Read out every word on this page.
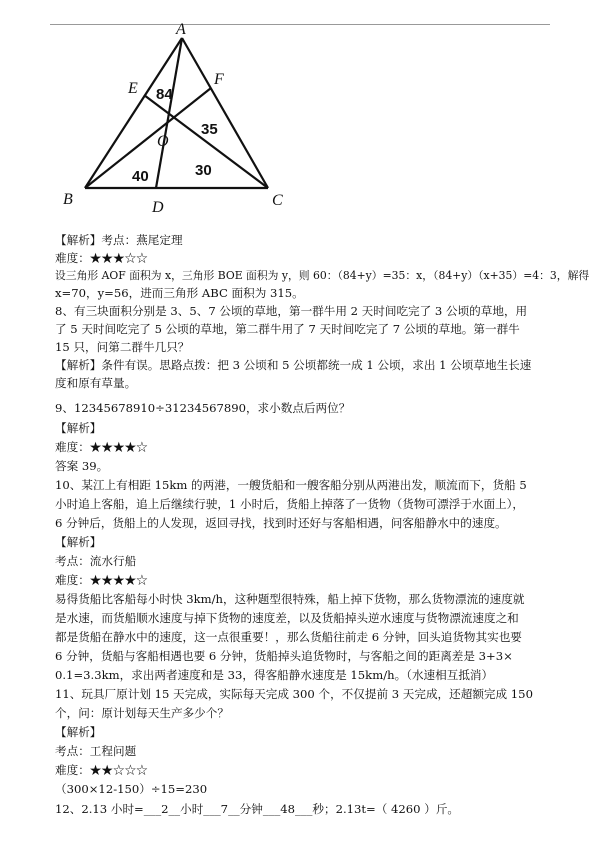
A
B	C
D
E
F
O
84
35
40	30
【解析】考点：燕尾定理
难度：★★★☆☆
设三角形 AOF 面积为 x，三角形 BOE 面积为 y，则 60：（84+y）=35：x，（84+y）（x+35）=4：3，解得
x=70，y=56，进而三角形 ABC 面积为 315。
8、有三块面积分别是 3、5、7 公顷的草地，第一群牛用 2 天时间吃完了 3 公顷的草地，用
了 5 天时间吃完了 5 公顷的草地，第二群牛用了 7 天时间吃完了 7 公顷的草地。第一群牛
15 只，问第二群牛几只？
【解析】条件有误。思路点拨：把 3 公顷和 5 公顷都统一成 1 公顷，求出 1 公顷草地生长速
度和原有草量。
9、12345678910÷31234567890，求小数点后两位？
【解析】
难度：★★★★☆
答案 39。
10、某江上有相距 15km 的两港，一艘货船和一艘客船分别从两港出发，顺流而下，货船 5
小时追上客船，追上后继续行驶，1 小时后，货船上掉落了一货物（货物可漂浮于水面上），
6 分钟后，货船上的人发现，返回寻找，找到时还好与客船相遇，问客船静水中的速度。
【解析】
考点：流水行船
难度：★★★★☆
易得货船比客船每小时快 3km/h，这种题型很特殊，船上掉下货物，那么货物漂流的速度就
是水速，而货船顺水速度与掉下货物的速度差，以及货船掉头逆水速度与货物漂流速度之和
都是货船在静水中的速度，这一点很重要！，那么货船往前走 6 分钟，回头追货物其实也要
6 分钟，货船与客船相遇也要 6 分钟，货船掉头追货物时，与客船之间的距离差是 3+3×
0.1=3.3km，求出两者速度和是 33，得客船静水速度是 15km/h。（水速相互抵消）
11、玩具厂原计划 15 天完成，实际每天完成 300 个，不仅提前 3 天完成，还超额完成 150
个，问：原计划每天生产多少个？
【解析】
考点：工程问题
难度：★★☆☆☆
（300×12-150）÷15=230
12、2.13 小时=___2__小时___7__分钟___48___秒；2.13t=（ 4260 ）斤。
